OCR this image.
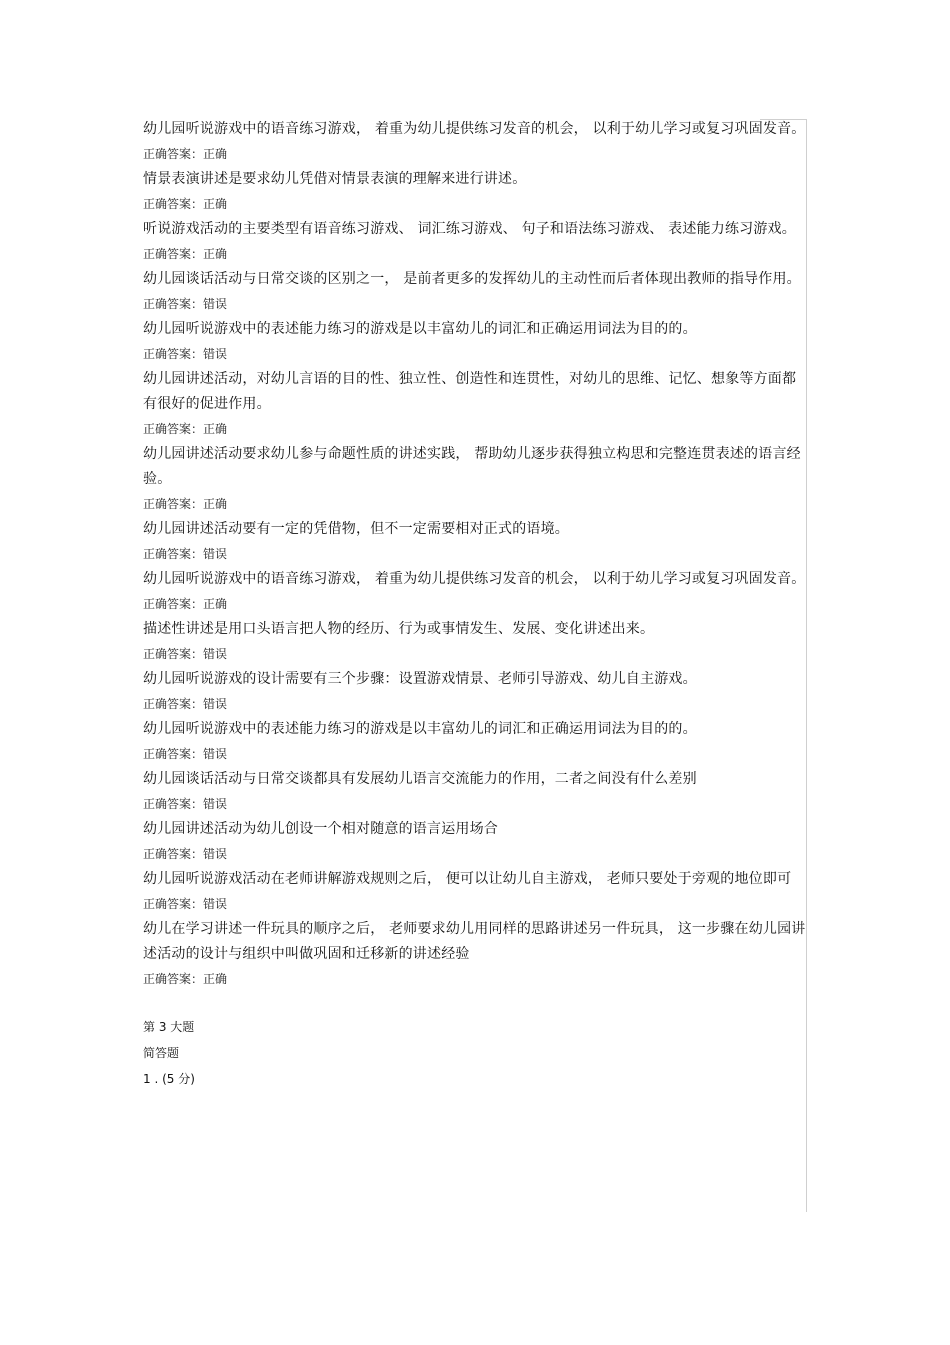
幼儿园听说游戏中的语音练习游戏， 着重为幼儿提供练习发音的机会， 以利于幼儿学习或复习巩固发音。

正确答案：正确

情景表演讲述是要求幼儿凭借对情景表演的理解来进行讲述。

正确答案：正确

听说游戏活动的主要类型有语音练习游戏、 词汇练习游戏、 句子和语法练习游戏、 表述能力练习游戏。

正确答案：正确

幼儿园谈话活动与日常交谈的区别之一， 是前者更多的发挥幼儿的主动性而后者体现出教师的指导作用。

正确答案：错误

幼儿园听说游戏中的表述能力练习的游戏是以丰富幼儿的词汇和正确运用词法为目的的。

正确答案：错误

幼儿园讲述活动，对幼儿言语的目的性、独立性、创造性和连贯性，对幼儿的思维、记忆、想象等方面都有很好的促进作用。

正确答案：正确

幼儿园讲述活动要求幼儿参与命题性质的讲述实践， 帮助幼儿逐步获得独立构思和完整连贯表述的语言经验。

正确答案：正确

幼儿园讲述活动要有一定的凭借物，但不一定需要相对正式的语境。

正确答案：错误

幼儿园听说游戏中的语音练习游戏， 着重为幼儿提供练习发音的机会， 以利于幼儿学习或复习巩固发音。

正确答案：正确

描述性讲述是用口头语言把人物的经历、行为或事情发生、发展、变化讲述出来。

正确答案：错误

幼儿园听说游戏的设计需要有三个步骤：设置游戏情景、老师引导游戏、幼儿自主游戏。

正确答案：错误

幼儿园听说游戏中的表述能力练习的游戏是以丰富幼儿的词汇和正确运用词法为目的的。

正确答案：错误

幼儿园谈话活动与日常交谈都具有发展幼儿语言交流能力的作用，二者之间没有什么差别

正确答案：错误

幼儿园讲述活动为幼儿创设一个相对随意的语言运用场合

正确答案：错误

幼儿园听说游戏活动在老师讲解游戏规则之后， 便可以让幼儿自主游戏， 老师只要处于旁观的地位即可

正确答案：错误

幼儿在学习讲述一件玩具的顺序之后， 老师要求幼儿用同样的思路讲述另一件玩具， 这一步骤在幼儿园讲述活动的设计与组织中叫做巩固和迁移新的讲述经验

正确答案：正确

第 3 大题

简答题

1 . (5 分)
